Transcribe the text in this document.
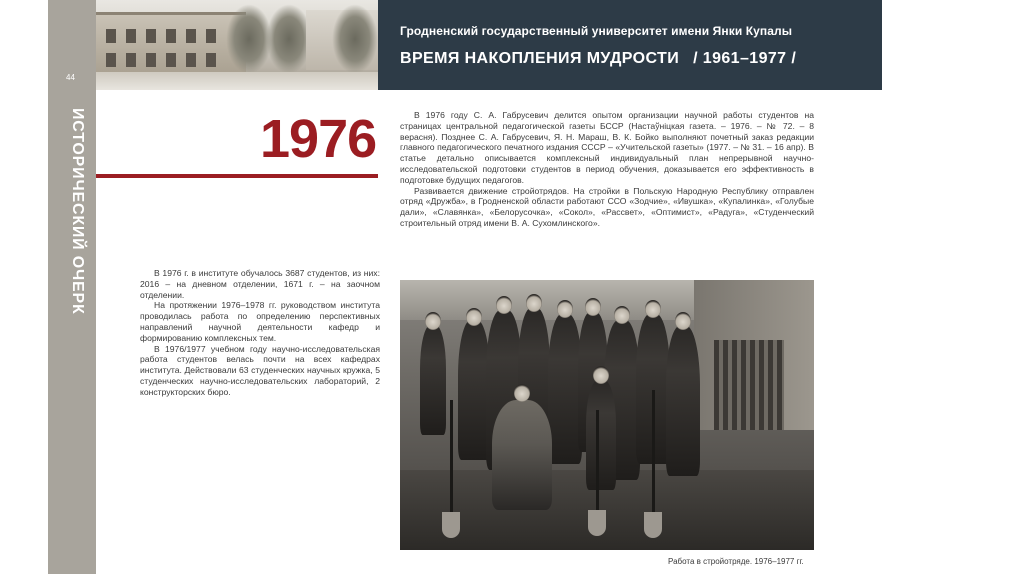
Гродненский государственный университет имени Янки Купалы
ВРЕМЯ НАКОПЛЕНИЯ МУДРОСТИ / 1961–1977 /
44
ИСТОРИЧЕСКИЙ ОЧЕРК	1976	В 1976 году С. А. Габрусевич делится опытом организации научной работы студентов на страницах центральной педагогической газеты БССР (Настаўніцкая газета. – 1976. – № 72. – 8 верасня). Позднее С. А. Габрусевич, Я. Н. Мараш, В. К. Бойко выполняют почетный заказ редакции главного педагогического печатного издания СССР – «Учительской газеты» (1977. – № 31. – 16 апр). В статье детально описывается комплексный индивидуальный план непрерывной научно-исследовательской подготовки студентов в период обучения, доказывается его эффективность в подготовке будущих педагогов.

Развивается движение стройотрядов. На стройки в Польскую Народную Республику отправлен отряд «Дружба», в Гродненской области работают ССО «Зодчие», «Ивушка», «Купалинка», «Голубые дали», «Славянка», «Белорусочка», «Сокол», «Рассвет», «Оптимист», «Радуга», «Студенческий строительный отряд имени В. А. Сухомлинского».

В 1976 г. в институте обучалось 3687 студентов, из них: 2016 – на дневном отделении, 1671 г. – на заочном отделении.

На протяжении 1976–1978 гг. руководством института проводилась работа по определению перспективных направлений научной деятельности кафедр и формированию комплексных тем.

В 1976/1977 учебном году научно-исследовательская работа студентов велась почти на всех кафедрах института. Действовали 63 студенческих научных кружка, 5 студенческих научно-исследовательских лабораторий, 2 конструкторских бюро.

Работа в стройотряде. 1976–1977 гг.
